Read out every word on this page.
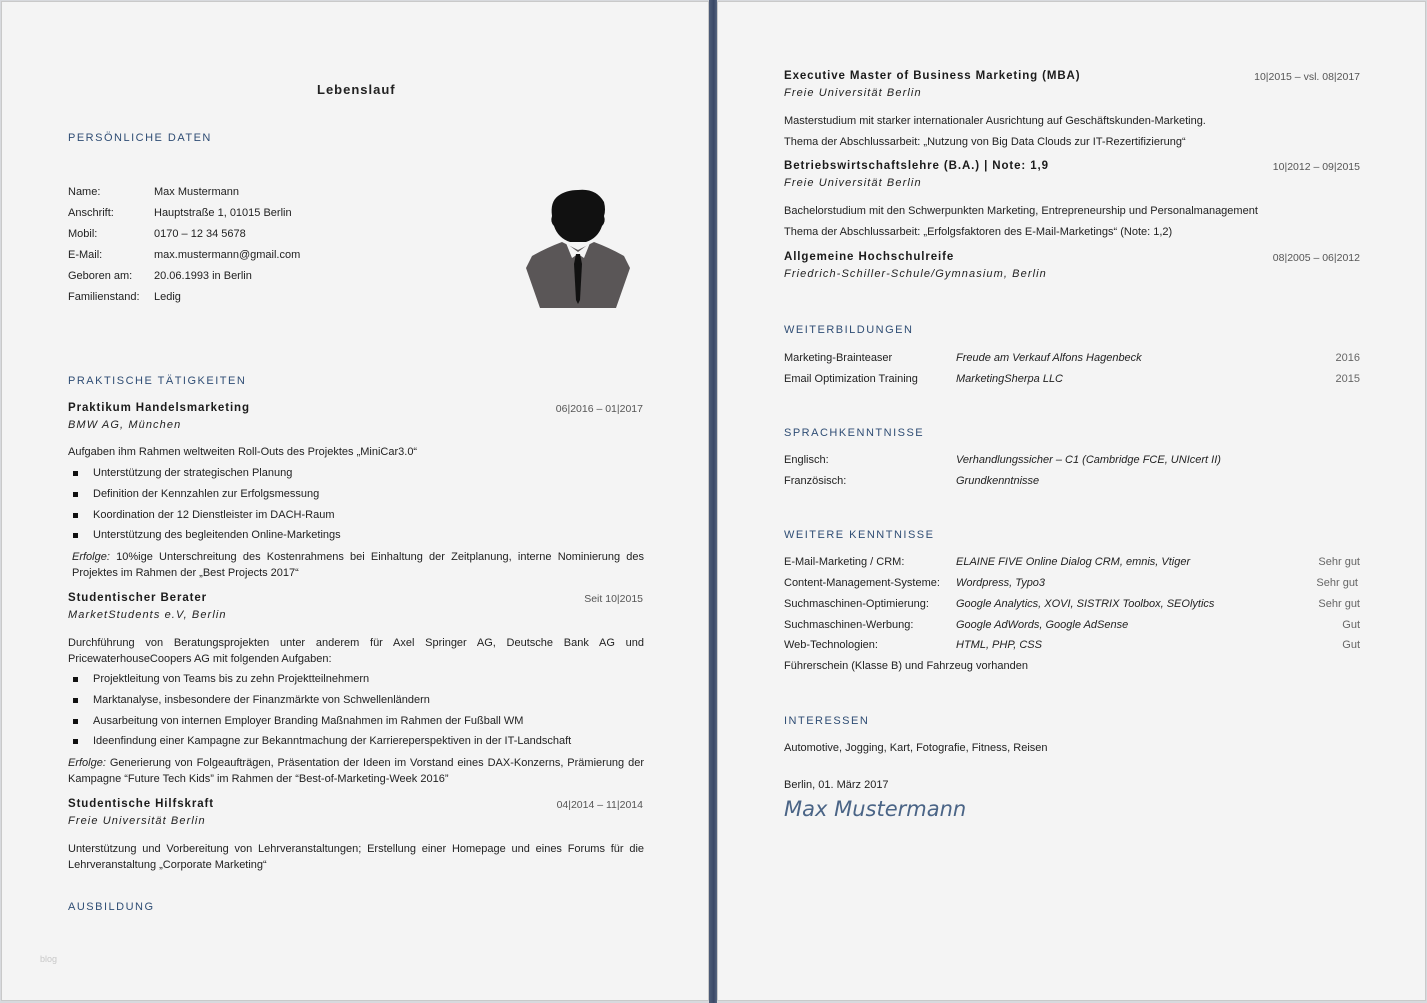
Lebenslauf
PERSÖNLICHE DATEN
Name:	Max Mustermann
Anschrift:	Hauptstraße 1, 01015 Berlin
Mobil:	0170 – 12 34 5678
E-Mail:	max.mustermann@gmail.com
Geboren am: 20.06.1993 in Berlin
Familienstand: Ledig
PRAKTISCHE TÄTIGKEITEN
Praktikum Handelsmarketing	06|2016 – 01|2017
BMW AG, München
Aufgaben ihm Rahmen weltweiten Roll-Outs des Projektes „MiniCar3.0“
Unterstützung der strategischen Planung
Definition der Kennzahlen zur Erfolgsmessung
Koordination der 12 Dienstleister im DACH-Raum
Unterstützung des begleitenden Online-Marketings
Erfolge: 10%ige Unterschreitung des Kostenrahmens bei Einhaltung der Zeitplanung, interne Nominierung des Projektes im Rahmen der „Best Projects 2017“
Studentischer Berater	Seit 10|2015
MarketStudents e.V, Berlin
Durchführung von Beratungsprojekten unter anderem für Axel Springer AG, Deutsche Bank AG und PricewaterhouseCoopers AG mit folgenden Aufgaben:
Projektleitung von Teams bis zu zehn Projektteilnehmern
Marktanalyse, insbesondere der Finanzmärkte von Schwellenländern
Ausarbeitung von internen Employer Branding Maßnahmen im Rahmen der Fußball WM
Ideenfindung einer Kampagne zur Bekanntmachung der Karriereperspektiven in der IT-Landschaft
Erfolge: Generierung von Folgeaufträgen, Präsentation der Ideen im Vorstand eines DAX-Konzerns, Prämierung der Kampagne “Future Tech Kids” im Rahmen der “Best-of-Marketing-Week 2016”
Studentische Hilfskraft	04|2014 – 11|2014
Freie Universität Berlin
Unterstützung und Vorbereitung von Lehrveranstaltungen; Erstellung einer Homepage und eines Forums für die Lehrveranstaltung „Corporate Marketing“
AUSBILDUNG
blog
Executive Master of Business Marketing (MBA)	10|2015 – vsl. 08|2017
Freie Universität Berlin
Masterstudium mit starker internationaler Ausrichtung auf Geschäftskunden-Marketing.
Thema der Abschlussarbeit: „Nutzung von Big Data Clouds zur IT-Rezertifizierung“
Betriebswirtschaftslehre (B.A.) | Note: 1,9	10|2012 – 09|2015
Freie Universität Berlin
Bachelorstudium mit den Schwerpunkten Marketing, Entrepreneurship und Personalmanagement
Thema der Abschlussarbeit: „Erfolgsfaktoren des E-Mail-Marketings“ (Note: 1,2)
Allgemeine Hochschulreife	08|2005 – 06|2012
Friedrich-Schiller-Schule/Gymnasium, Berlin
WEITERBILDUNGEN
Marketing-Brainteaser	Freude am Verkauf Alfons Hagenbeck	2016
Email Optimization Training	MarketingSherpa LLC	2015
SPRACHKENNTNISSE
Englisch:	Verhandlungssicher – C1 (Cambridge FCE, UNIcert II)
Französisch:	Grundkenntnisse
WEITERE KENNTNISSE
E-Mail-Marketing / CRM:	ELAINE FIVE Online Dialog CRM, emnis, Vtiger	Sehr gut
Content-Management-Systeme: Wordpress, Typo3	Sehr gut
Suchmaschinen-Optimierung: Google Analytics, XOVI, SISTRIX Toolbox, SEOlytics	Sehr gut
Suchmaschinen-Werbung:	Google AdWords, Google AdSense	Gut
Web-Technologien:	HTML, PHP, CSS	Gut
Führerschein (Klasse B) und Fahrzeug vorhanden
INTERESSEN
Automotive, Jogging, Kart, Fotografie, Fitness, Reisen
Berlin, 01. März 2017
Max Mustermann
